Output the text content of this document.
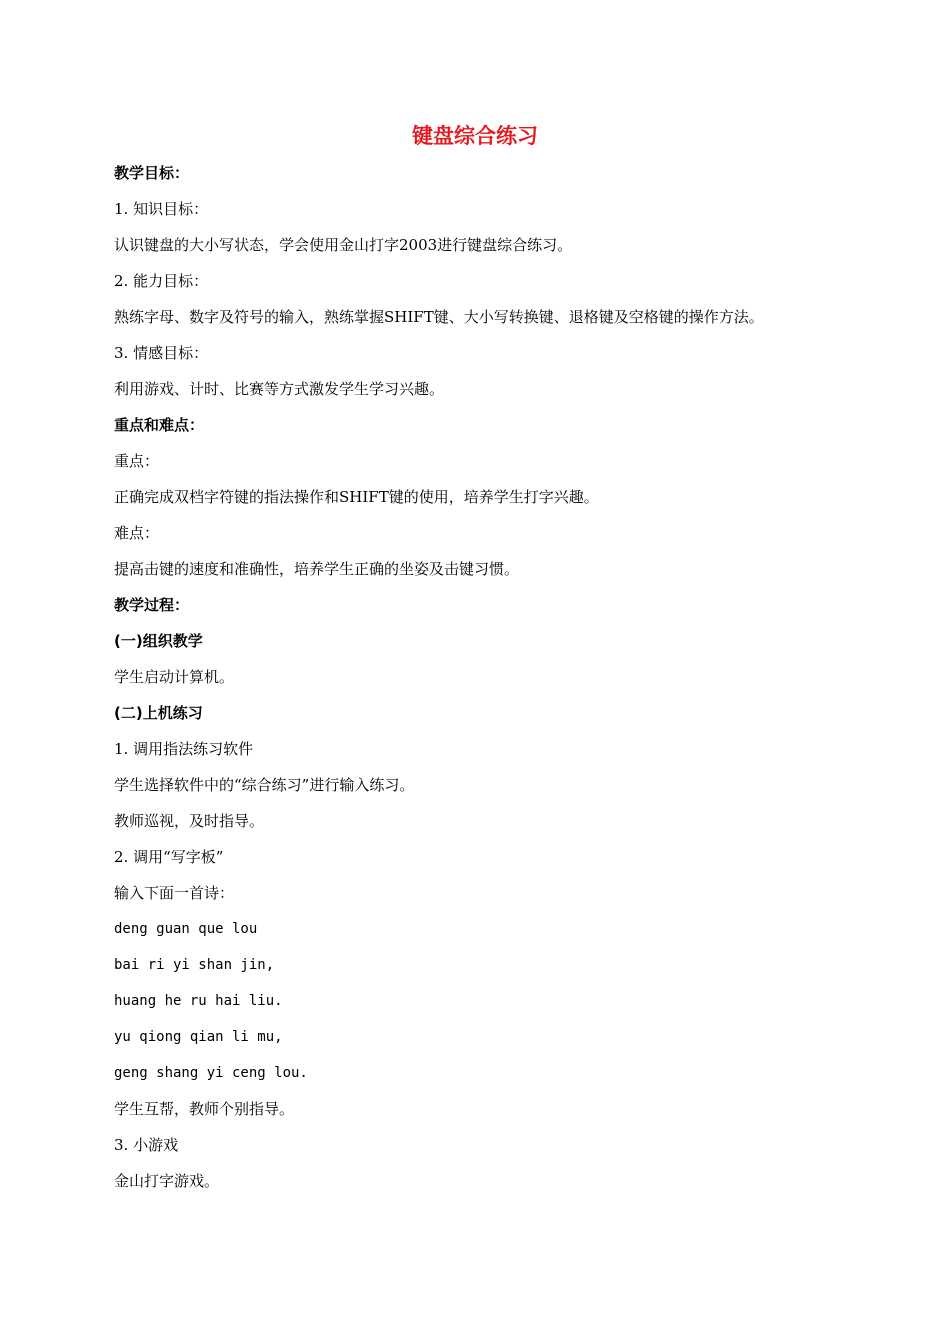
键盘综合练习

教学目标：

1. 知识目标：

认识键盘的大小写状态，学会使用金山打字2003进行键盘综合练习。

2. 能力目标：

熟练字母、数字及符号的输入，熟练掌握SHIFT键、大小写转换键、退格键及空格键的操作方法。

3. 情感目标：

利用游戏、计时、比赛等方式激发学生学习兴趣。

重点和难点：

重点：

正确完成双档字符键的指法操作和SHIFT键的使用，培养学生打字兴趣。

难点：

提高击键的速度和准确性，培养学生正确的坐姿及击键习惯。

教学过程：

(一)组织教学

学生启动计算机。

(二)上机练习

1. 调用指法练习软件

学生选择软件中的“综合练习”进行输入练习。

教师巡视，及时指导。

2. 调用“写字板”

输入下面一首诗：

deng guan que lou

bai ri yi shan jin,

huang he ru hai liu.

yu qiong qian li mu,

geng shang yi ceng lou.

学生互帮，教师个别指导。

3. 小游戏

金山打字游戏。
